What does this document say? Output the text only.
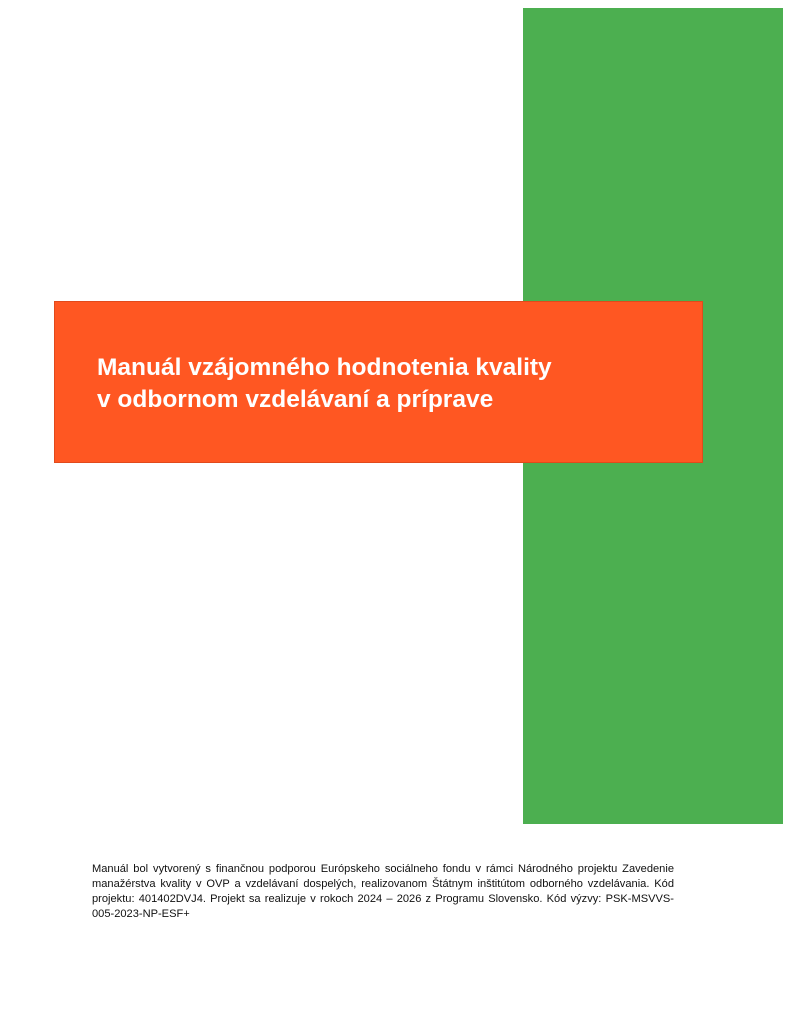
Manuál vzájomného hodnotenia kvality
v odbornom vzdelávaní a príprave

Manuál bol vytvorený s finančnou podporou Európskeho sociálneho fondu v rámci Národného projektu Zavedenie manažérstva kvality v OVP a vzdelávaní dospelých, realizovanom Štátnym inštitútom odborného vzdelávania. Kód projektu: 401402DVJ4. Projekt sa realizuje v rokoch 2024 – 2026 z Programu Slovensko. Kód výzvy: PSK-MSVVS-005-2023-NP-ESF+
